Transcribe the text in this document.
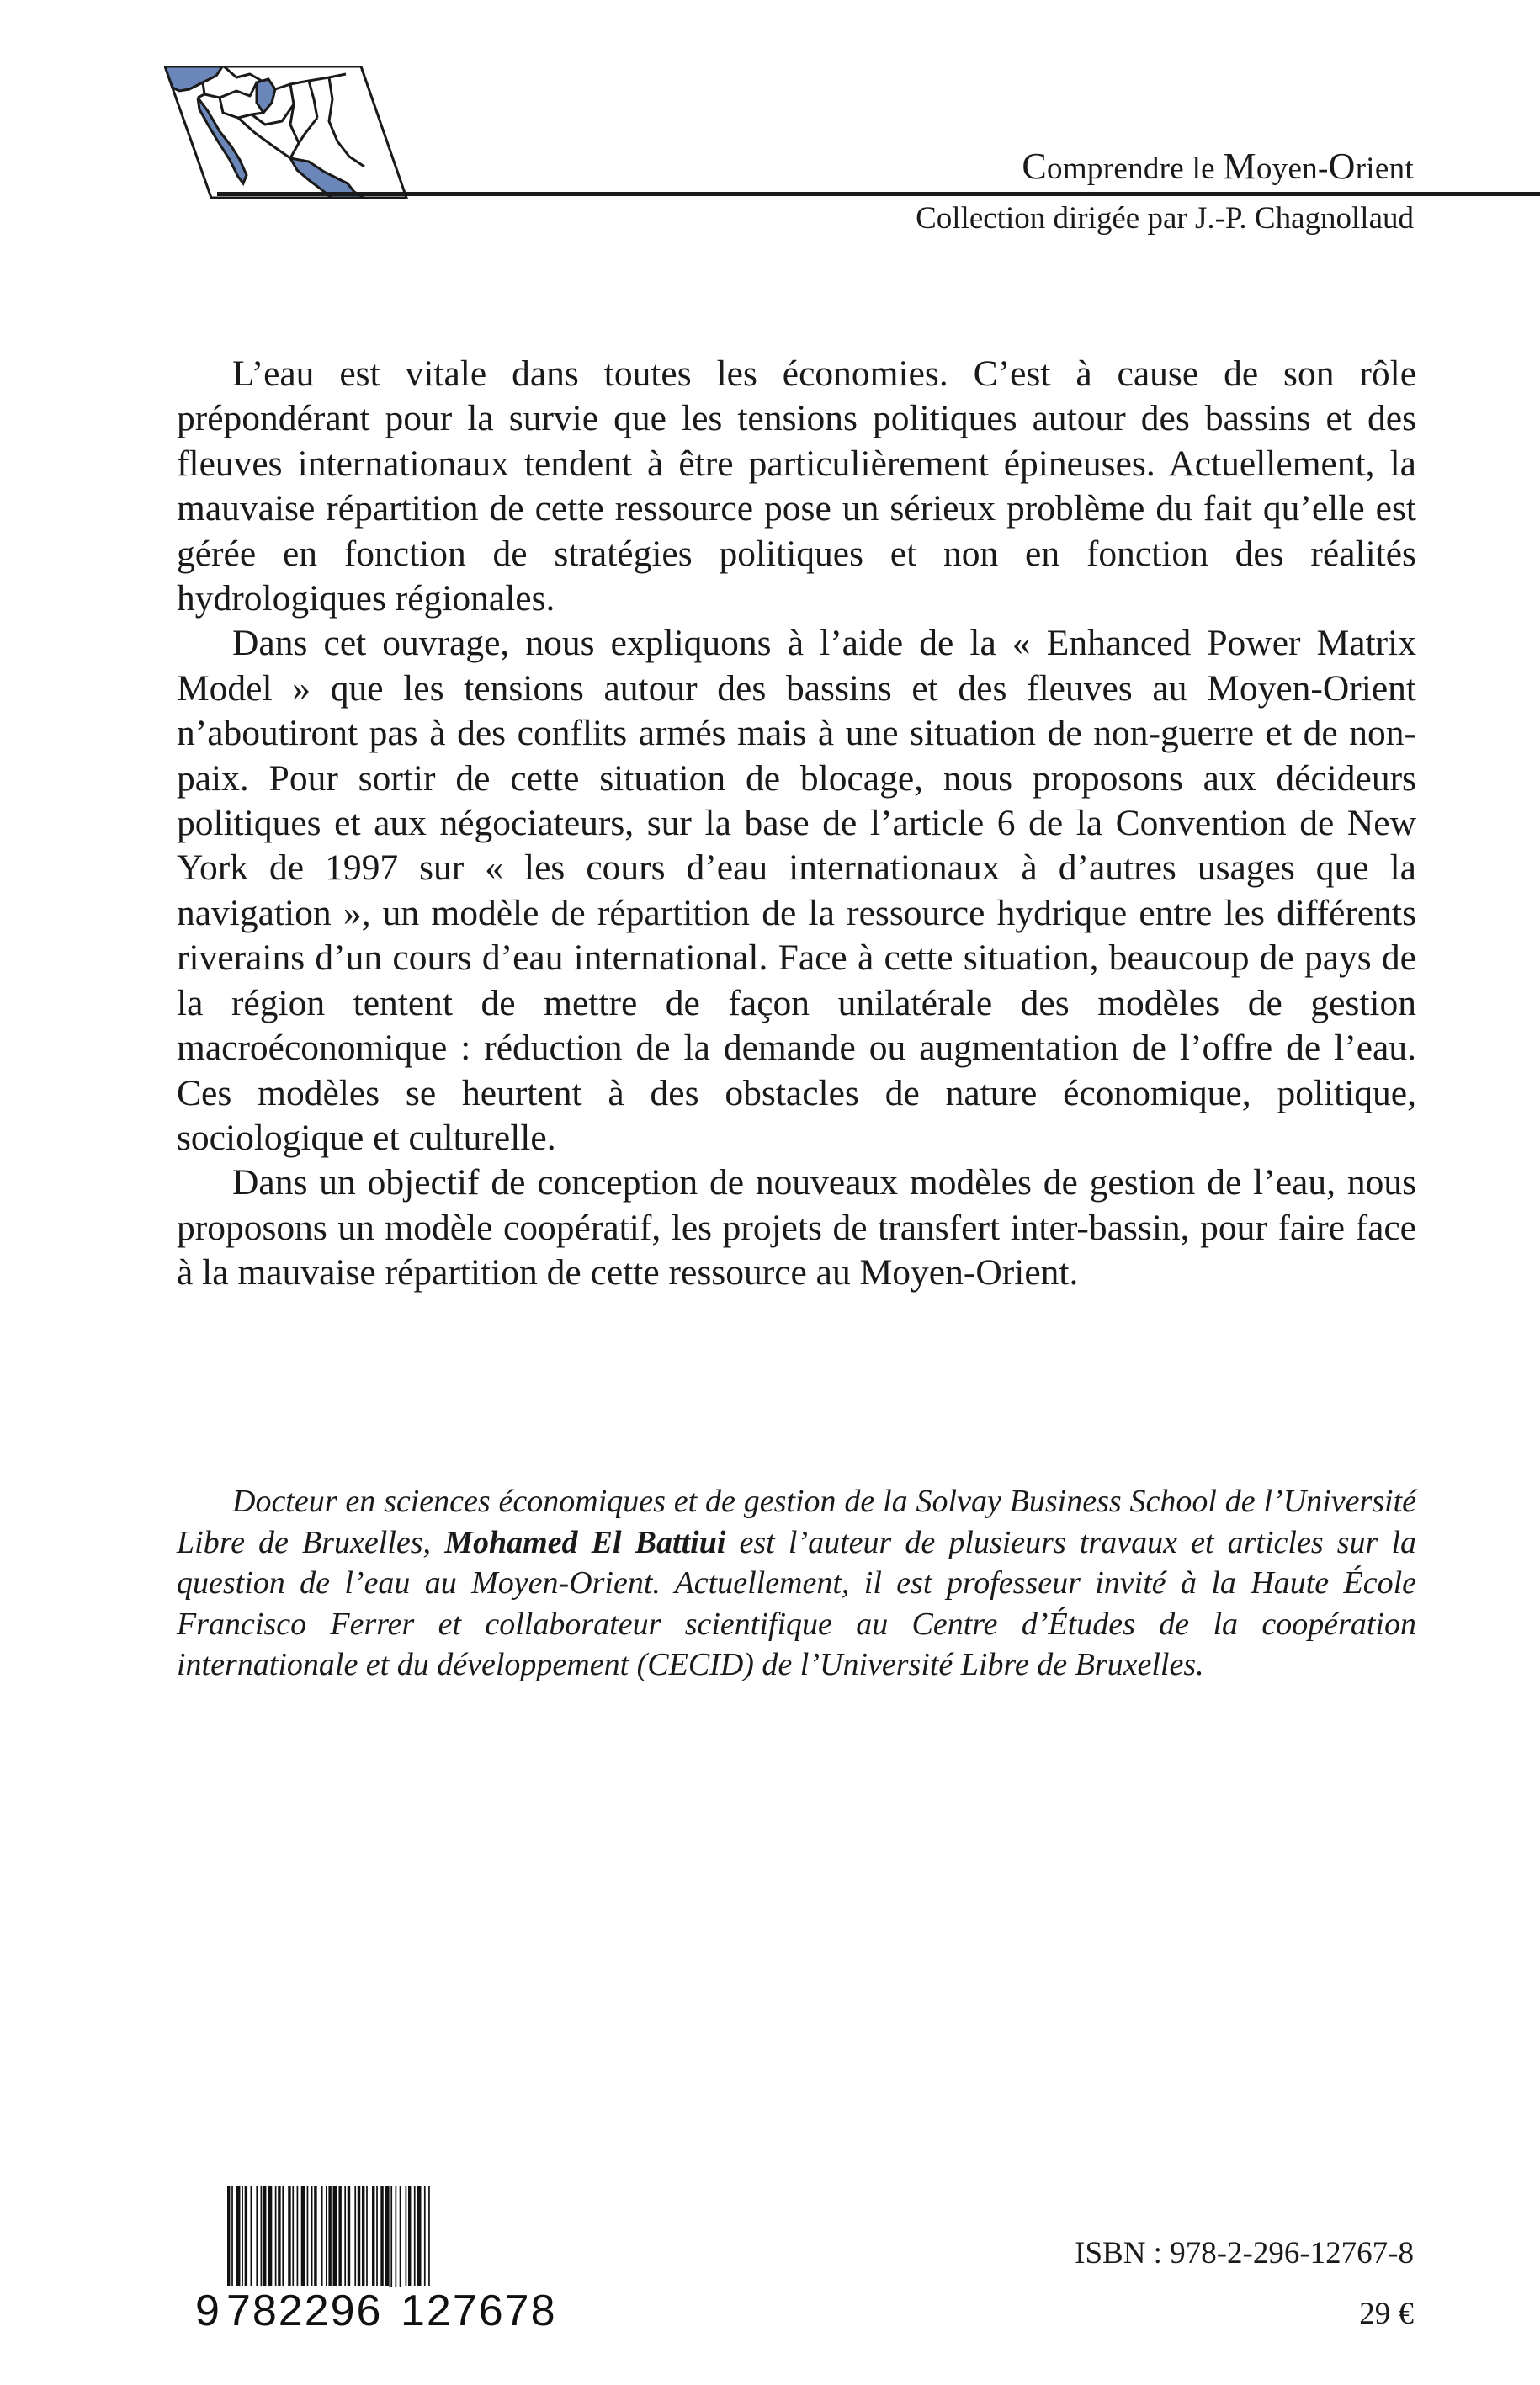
Comprendre le Moyen-Orient
Collection dirigée par J.-P. Chagnollaud

L’eau est vitale dans toutes les économies. C’est à cause de son rôle prépondérant pour la survie que les tensions politiques autour des bassins et des fleuves internationaux tendent à être particulièrement épineuses. Actuellement, la mauvaise répartition de cette ressource pose un sérieux problème du fait qu’elle est gérée en fonction de stratégies politiques et non en fonction des réalités hydrologiques régionales.

Dans cet ouvrage, nous expliquons à l’aide de la « Enhanced Power Matrix Model » que les tensions autour des bassins et des fleuves au Moyen-Orient n’aboutiront pas à des conflits armés mais à une situation de non-guerre et de non-paix. Pour sortir de cette situation de blocage, nous proposons aux décideurs politiques et aux négociateurs, sur la base de l’article 6 de la Convention de New York de 1997 sur « les cours d’eau internationaux à d’autres usages que la navigation », un modèle de répartition de la ressource hydrique entre les différents riverains d’un cours d’eau international. Face à cette situation, beaucoup de pays de la région tentent de mettre de façon unilatérale des modèles de gestion macroéconomique : réduction de la demande ou augmentation de l’offre de l’eau. Ces modèles se heurtent à des obstacles de nature économique, politique, sociologique et culturelle.

Dans un objectif de conception de nouveaux modèles de gestion de l’eau, nous proposons un modèle coopératif, les projets de transfert inter-bassin, pour faire face à la mauvaise répartition de cette ressource au Moyen-Orient.

Docteur en sciences économiques et de gestion de la Solvay Business School de l’Université Libre de Bruxelles, Mohamed El Battiui est l’auteur de plusieurs travaux et articles sur la question de l’eau au Moyen-Orient. Actuellement, il est professeur invité à la Haute École Francisco Ferrer et collaborateur scientifique au Centre d’Études de la coopération internationale et du développement (CECID) de l’Université Libre de Bruxelles.
9 782296 127678
ISBN : 978-2-296-12767-8
29 €
